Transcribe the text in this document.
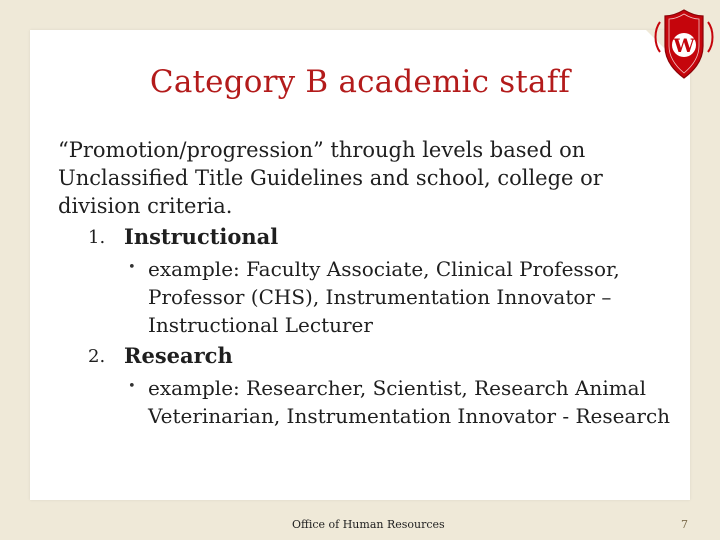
W
Category B academic staff

“Promotion/progression” through levels based on Unclassified Title Guidelines and school, college or division criteria.

1. Instructional
• example: Faculty Associate, Clinical Professor, Professor (CHS), Instrumentation Innovator – Instructional Lecturer
2. Research
• example: Researcher, Scientist, Research Animal Veterinarian, Instrumentation Innovator - Research
Office of Human Resources	7
